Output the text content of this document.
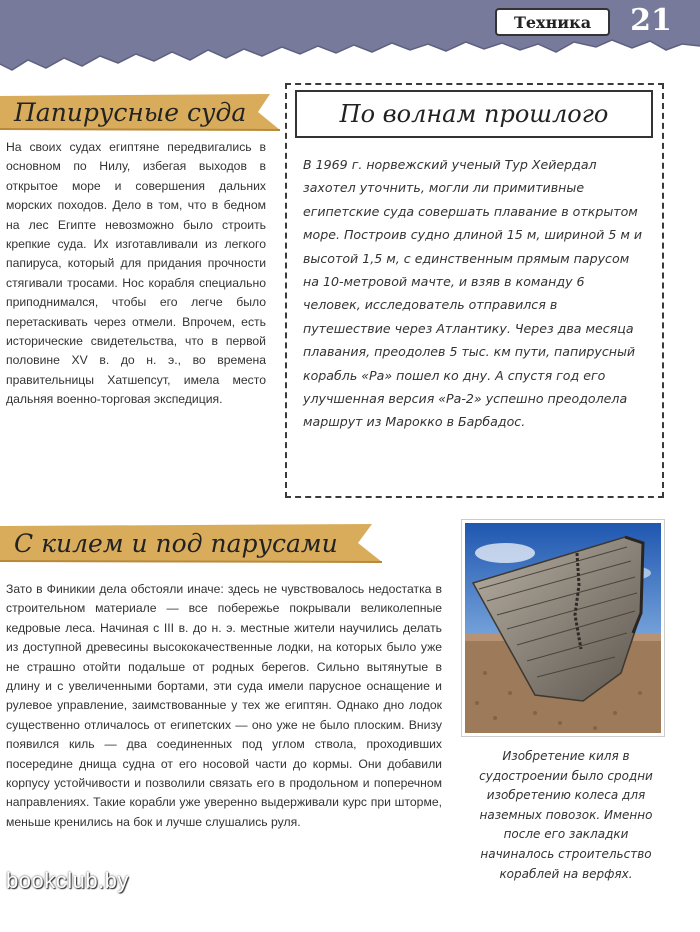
Техника	21
Папирусные суда

На своих судах египтяне передвигались в основном по Нилу, избегая выходов в открытое море и совершения дальних морских походов. Дело в том, что в бедном на лес Египте невозможно было строить крепкие суда. Их изготавливали из легкого папируса, который для придания прочности стягивали тросами. Нос корабля специально приподнимался, чтобы его легче было перетаскивать через отмели. Впрочем, есть исторические свидетельства, что в первой половине XV в. до н. э., во времена правительницы Хатшепсут, имела место дальняя военно-торговая экспедиция.

По волнам прошлого

В 1969 г. норвежский ученый Тур Хейердал захотел уточнить, могли ли примитивные египетские суда совершать плавание в открытом море. Построив судно длиной 15 м, шириной 5 м и высотой 1,5 м, с единственным прямым парусом на 10-метровой мачте, и взяв в команду 6 человек, исследователь отправился в путешествие через Атлантику. Через два месяца плавания, преодолев 5 тыс. км пути, папирусный корабль «Ра» пошел ко дну. А спустя год его улучшенная версия «Ра-2» успешно преодолела маршрут из Марокко в Барбадос.

С килем и под парусами

Зато в Финикии дела обстояли иначе: здесь не чувствовалось недостатка в строительном материале — все побережье покрывали великолепные кедровые леса. Начиная с III в. до н. э. местные жители научились делать из доступной древесины высококачественные лодки, на которых было уже не страшно отойти подальше от родных берегов. Сильно вытянутые в длину и с увеличенными бортами, эти суда имели парусное оснащение и рулевое управление, заимствованные у тех же египтян. Однако дно лодок существенно отличалось от египетских — оно уже не было плоским. Внизу появился киль — два соединенных под углом ствола, проходивших посередине днища судна от его носовой части до кормы. Они добавили корпусу устойчивости и позволили связать его в продольном и поперечном направлениях. Такие корабли уже уверенно выдерживали курс при шторме, меньше кренились на бок и лучше слушались руля.

Изобретение киля в судостроении было сродни изобретению колеса для наземных повозок. Именно после его закладки начиналось строительство кораблей на верфях.

bookclub.by
